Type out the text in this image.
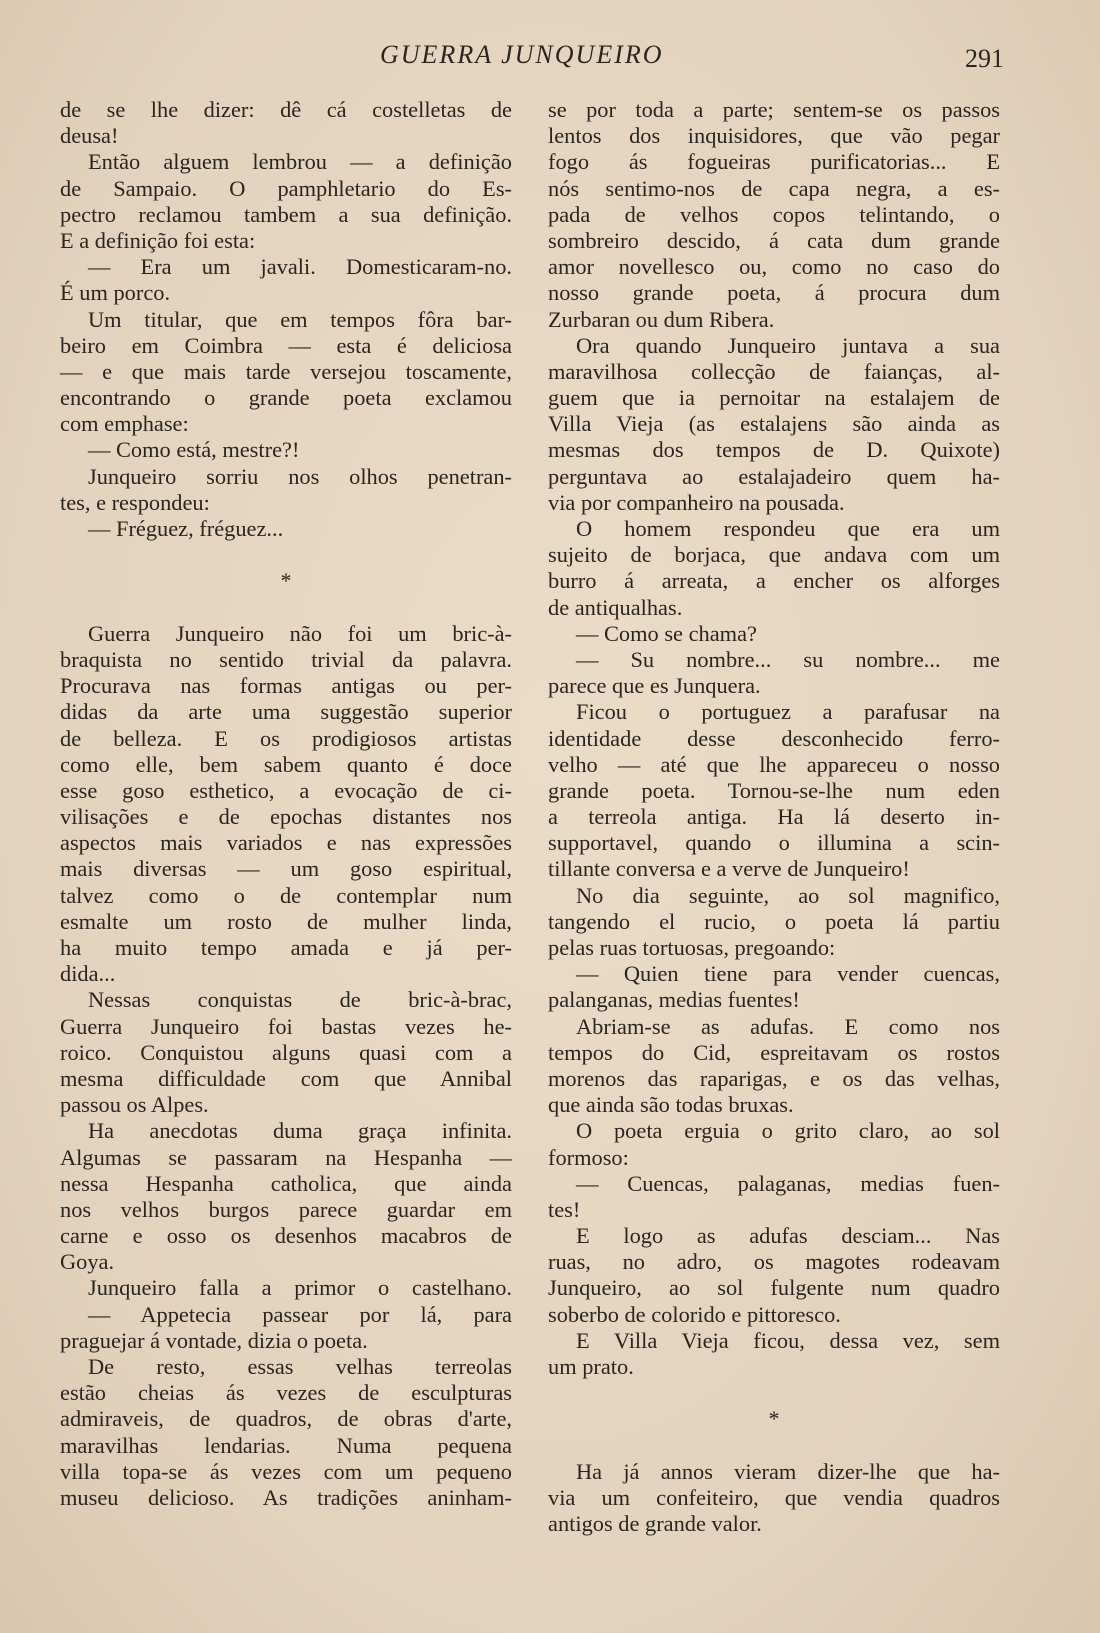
GUERRA JUNQUEIRO	291
de se lhe dizer: dê cá costelletas de
deusa!
Então alguem lembrou — a definição
de Sampaio. O pamphletario do Es-
pectro reclamou tambem a sua definição.
E a definição foi esta:
— Era um javali. Domesticaram-no.
É um porco.
Um titular, que em tempos fôra bar-
beiro em Coimbra — esta é deliciosa
— e que mais tarde versejou toscamente,
encontrando o grande poeta exclamou
com emphase:
— Como está, mestre?!
Junqueiro sorriu nos olhos penetran-
tes, e respondeu:
— Fréguez, fréguez...
*
Guerra Junqueiro não foi um bric-à-
braquista no sentido trivial da palavra.
Procurava nas formas antigas ou per-
didas da arte uma suggestão superior
de belleza. E os prodigiosos artistas
como elle, bem sabem quanto é doce
esse goso esthetico, a evocação de ci-
vilisações e de epochas distantes nos
aspectos mais variados e nas expressões
mais diversas — um goso espiritual,
talvez como o de contemplar num
esmalte um rosto de mulher linda,
ha muito tempo amada e já per-
dida...
Nessas conquistas de bric-à-brac,
Guerra Junqueiro foi bastas vezes he-
roico. Conquistou alguns quasi com a
mesma difficuldade com que Annibal
passou os Alpes.
Ha anecdotas duma graça infinita.
Algumas se passaram na Hespanha —
nessa Hespanha catholica, que ainda
nos velhos burgos parece guardar em
carne e osso os desenhos macabros de
Goya.
Junqueiro falla a primor o castelhano.
— Appetecia passear por lá, para
praguejar á vontade, dizia o poeta.
De resto, essas velhas terreolas
estão cheias ás vezes de esculpturas
admiraveis, de quadros, de obras d'arte,
maravilhas lendarias. Numa pequena
villa topa-se ás vezes com um pequeno
museu delicioso. As tradições aninham-
se por toda a parte; sentem-se os passos
lentos dos inquisidores, que vão pegar
fogo ás fogueiras purificatorias... E
nós sentimo-nos de capa negra, a es-
pada de velhos copos telintando, o
sombreiro descido, á cata dum grande
amor novellesco ou, como no caso do
nosso grande poeta, á procura dum
Zurbaran ou dum Ribera.
Ora quando Junqueiro juntava a sua
maravilhosa collecção de faianças, al-
guem que ia pernoitar na estalajem de
Villa Vieja (as estalajens são ainda as
mesmas dos tempos de D. Quixote)
perguntava ao estalajadeiro quem ha-
via por companheiro na pousada.
O homem respondeu que era um
sujeito de borjaca, que andava com um
burro á arreata, a encher os alforges
de antiqualhas.
— Como se chama?
— Su nombre... su nombre... me
parece que es Junquera.
Ficou o portuguez a parafusar na
identidade desse desconhecido ferro-
velho — até que lhe appareceu o nosso
grande poeta. Tornou-se-lhe num eden
a terreola antiga. Ha lá deserto in-
supportavel, quando o illumina a scin-
tillante conversa e a verve de Junqueiro!
No dia seguinte, ao sol magnifico,
tangendo el rucio, o poeta lá partiu
pelas ruas tortuosas, pregoando:
— Quien tiene para vender cuencas,
palanganas, medias fuentes!
Abriam-se as adufas. E como nos
tempos do Cid, espreitavam os rostos
morenos das raparigas, e os das velhas,
que ainda são todas bruxas.
O poeta erguia o grito claro, ao sol
formoso:
— Cuencas, palaganas, medias fuen-
tes!
E logo as adufas desciam... Nas
ruas, no adro, os magotes rodeavam
Junqueiro, ao sol fulgente num quadro
soberbo de colorido e pittoresco.
E Villa Vieja ficou, dessa vez, sem
um prato.
*
Ha já annos vieram dizer-lhe que ha-
via um confeiteiro, que vendia quadros
antigos de grande valor.
